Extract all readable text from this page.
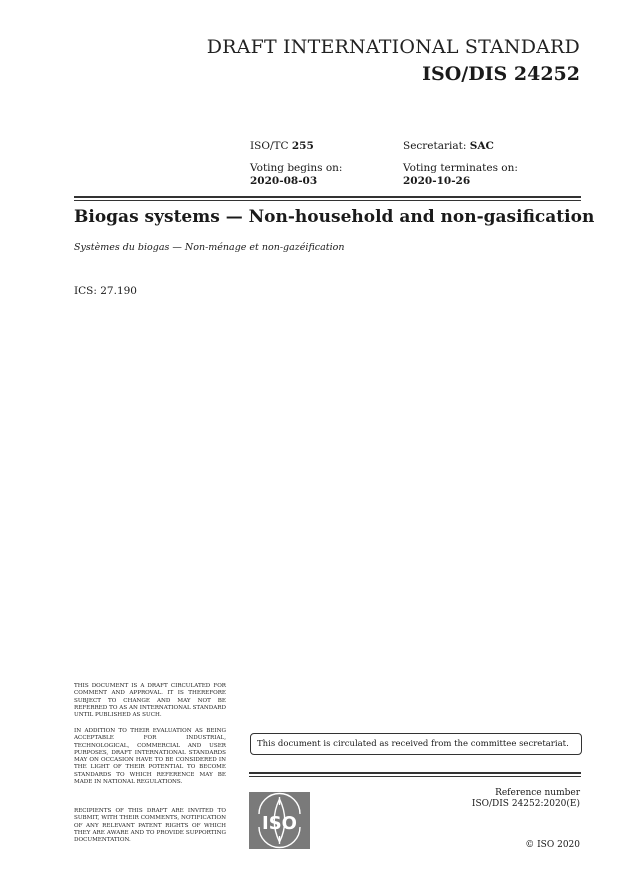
DRAFT INTERNATIONAL STANDARD
ISO/DIS 24252
ISO/TC 255	Secretariat: SAC
Voting begins on:
2020-08-03
Voting terminates on:
2020-10-26
Biogas systems — Non-household and non-gasification
Systèmes du biogas — Non-ménage et non-gazéification
ICS: 27.190
THIS DOCUMENT IS A DRAFT CIRCULATED FOR COMMENT AND APPROVAL. IT IS THEREFORE SUBJECT TO CHANGE AND MAY NOT BE REFERRED TO AS AN INTERNATIONAL STANDARD UNTIL PUBLISHED AS SUCH.
IN ADDITION TO THEIR EVALUATION AS BEING ACCEPTABLE FOR INDUSTRIAL, TECHNOLOGICAL, COMMERCIAL AND USER PURPOSES, DRAFT INTERNATIONAL STANDARDS MAY ON OCCASION HAVE TO BE CONSIDERED IN THE LIGHT OF THEIR POTENTIAL TO BECOME STANDARDS TO WHICH REFERENCE MAY BE MADE IN NATIONAL REGULATIONS.
RECIPIENTS OF THIS DRAFT ARE INVITED TO SUBMIT, WITH THEIR COMMENTS, NOTIFICATION OF ANY RELEVANT PATENT RIGHTS OF WHICH THEY ARE AWARE AND TO PROVIDE SUPPORTING DOCUMENTATION.
This document is circulated as received from the committee secretariat.
ISO
Reference number
ISO/DIS 24252:2020(E)
© ISO 2020
